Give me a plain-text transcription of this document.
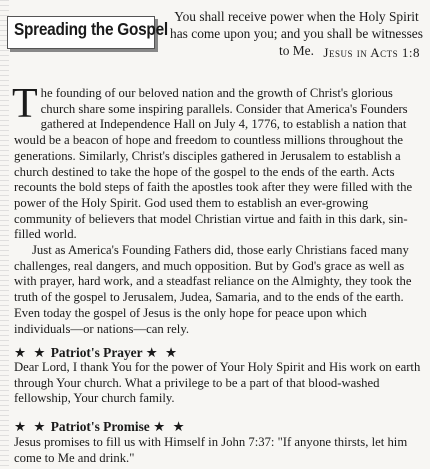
Spreading the Gospel
You shall receive power when the Holy Spirit has come upon you; and you shall be witnesses to Me. Jesus in Acts 1:8

The founding of our beloved nation and the growth of Christ's glorious church share some inspiring parallels. Consider that America's Founders gathered at Independence Hall on July 4, 1776, to establish a nation that would be a beacon of hope and freedom to countless millions throughout the generations. Similarly, Christ's disciples gathered in Jerusalem to establish a church destined to take the hope of the gospel to the ends of the earth. Acts recounts the bold steps of faith the apostles took after they were filled with the power of the Holy Spirit. God used them to establish an ever-growing community of believers that model Christian virtue and faith in this dark, sin-filled world.

Just as America's Founding Fathers did, those early Christians faced many challenges, real dangers, and much opposition. But by God's grace as well as with prayer, hard work, and a steadfast reliance on the Almighty, they took the truth of the gospel to Jerusalem, Judea, Samaria, and to the ends of the earth. Even today the gospel of Jesus is the only hope for peace upon which individuals—or nations—can rely.

★ ★ Patriot's Prayer ★ ★
Dear Lord, I thank You for the power of Your Holy Spirit and His work on earth through Your church. What a privilege to be a part of that blood-washed fellowship, Your church family.
★ ★ Patriot's Promise ★ ★
Jesus promises to fill us with Himself in John 7:37: "If anyone thirsts, let him come to Me and drink."
